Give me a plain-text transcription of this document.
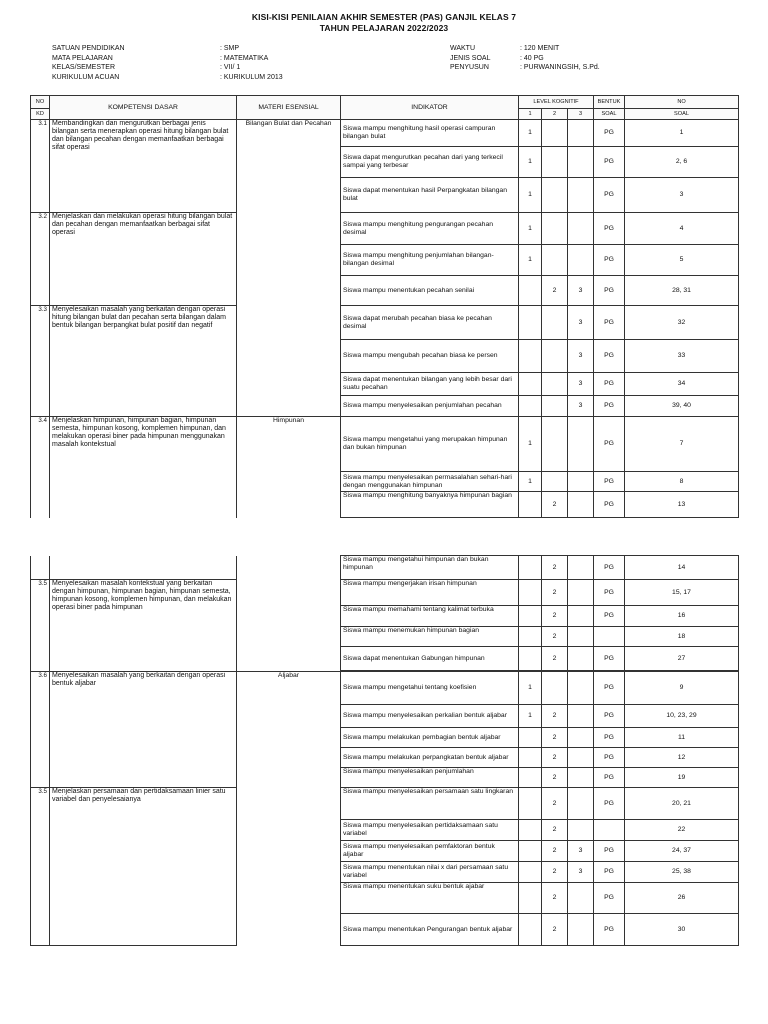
KISI-KISI PENILAIAN AKHIR SEMESTER (PAS) GANJIL KELAS 7
TAHUN PELAJARAN 2022/2023
SATUAN PENDIDIKAN	: SMP
MATA PELAJARAN	: MATEMATIKA
KELAS/SEMESTER	: VII/ 1
KURIKULUM ACUAN	: KURIKULUM 2013
WAKTU	: 120 MENIT
JENIS SOAL	: 40 PG
PENYUSUN	: PURWANINGSIH, S.Pd.
NO	KOMPETENSI DASAR	MATERI ESENSIAL	INDIKATOR	LEVEL KOGNITIF			BENTUK	NO
KD				1	2	3	SOAL	SOAL
3.1	Membandingkan dan mengurutkan berbagai jenis bilangan serta menerapkan operasi hitung bilangan bulat dan bilangan pecahan dengan memanfaatkan berbagai sifat operasi	Bilangan Bulat dan Pecahan	Siswa mampu menghitung hasil operasi campuran bilangan bulat	1			PG	1
			Siswa dapat mengurutkan pecahan dari yang terkecil sampai yang terbesar	1			PG	2, 6
			Siswa dapat menentukan hasil Perpangkatan bilangan bulat	1			PG	3
3.2	Menjelaskan dan melakukan operasi hitung bilangan bulat dan pecahan dengan memanfaatkan berbagai sifat operasi		Siswa mampu menghitung pengurangan pecahan desimal	1			PG	4
			Siswa mampu menghitung penjumlahan bilangan-bilangan desimal	1			PG	5
			Siswa mampu menentukan pecahan senilai		2	3	PG	28, 31
3.3	Menyelesaikan masalah yang berkaitan dengan operasi hitung bilangan bulat dan pecahan serta bilangan dalam bentuk bilangan berpangkat bulat positif dan negatif		Siswa dapat merubah pecahan biasa ke pecahan desimal			3	PG	32
			Siswa mampu mengubah pecahan biasa ke persen			3	PG	33
			Siswa dapat menentukan bilangan yang lebih besar dari suatu pecahan			3	PG	34
			Siswa mampu menyelesaikan penjumlahan pecahan			3	PG	39, 40
3.4	Menjelaskan himpunan, himpunan bagian, himpunan semesta, himpunan kosong, komplemen himpunan, dan melakukan operasi biner pada himpunan menggunakan masalah kontekstual	Himpunan	Siswa mampu mengetahui yang merupakan himpunan dan bukan himpunan	1			PG	7
			Siswa mampu menyelesaikan permasalahan sehari-hari dengan menggunakan himpunan	1			PG	8
			Siswa mampu menghitung banyaknya himpunan bagian		2		PG	13
			Siswa mampu mengetahui himpunan dan bukan himpunan		2		PG	14
3.5	Menyelesaikan masalah kontekstual yang berkaitan dengan himpunan, himpunan bagian, himpunan semesta, himpunan kosong, komplemen himpunan, dan melakukan operasi biner pada himpunan		Siswa mampu mengerjakan irisan himpunan		2		PG	15, 17
			Siswa mampu memahami tentang kalimat terbuka		2		PG	16
			Siswa mampu menemukan himpunan bagian		2			18
			Siswa dapat menentukan Gabungan himpunan		2		PG	27

3.6	Menyelesaikan masalah yang berkaitan dengan operasi bentuk aljabar	Aljabar	Siswa mampu mengetahui tentang koefisien	1			PG	9
			Siswa mampu menyelesaikan perkalian bentuk aljabar	1	2		PG	10, 23, 29
			Siswa mampu melakukan pembagian bentuk aljabar		2		PG	11
			Siswa mampu melakukan perpangkatan bentuk aljabar		2		PG	12
			Siswa mampu menyelesaikan penjumlahan		2		PG	19
3.5	Menjelaskan persamaan dan pertidaksamaan linier satu variabel dan penyelesaianya		Siswa mampu menyelesaikan persamaan satu lingkaran		2		PG	20, 21
			Siswa mampu menyelesaikan pertidaksamaan satu variabel		2			22
			Siswa mampu menyelesaikan pemfaktoran bentuk aljabar		2	3	PG	24, 37
			Siswa mampu menentukan nilai x dari persamaan satu variabel		2	3	PG	25, 38
			Siswa mampu menentukan suku bentuk ajabar		2		PG	26
			Siswa mampu menentukan Pengurangan bentuk aljabar		2		PG	30
